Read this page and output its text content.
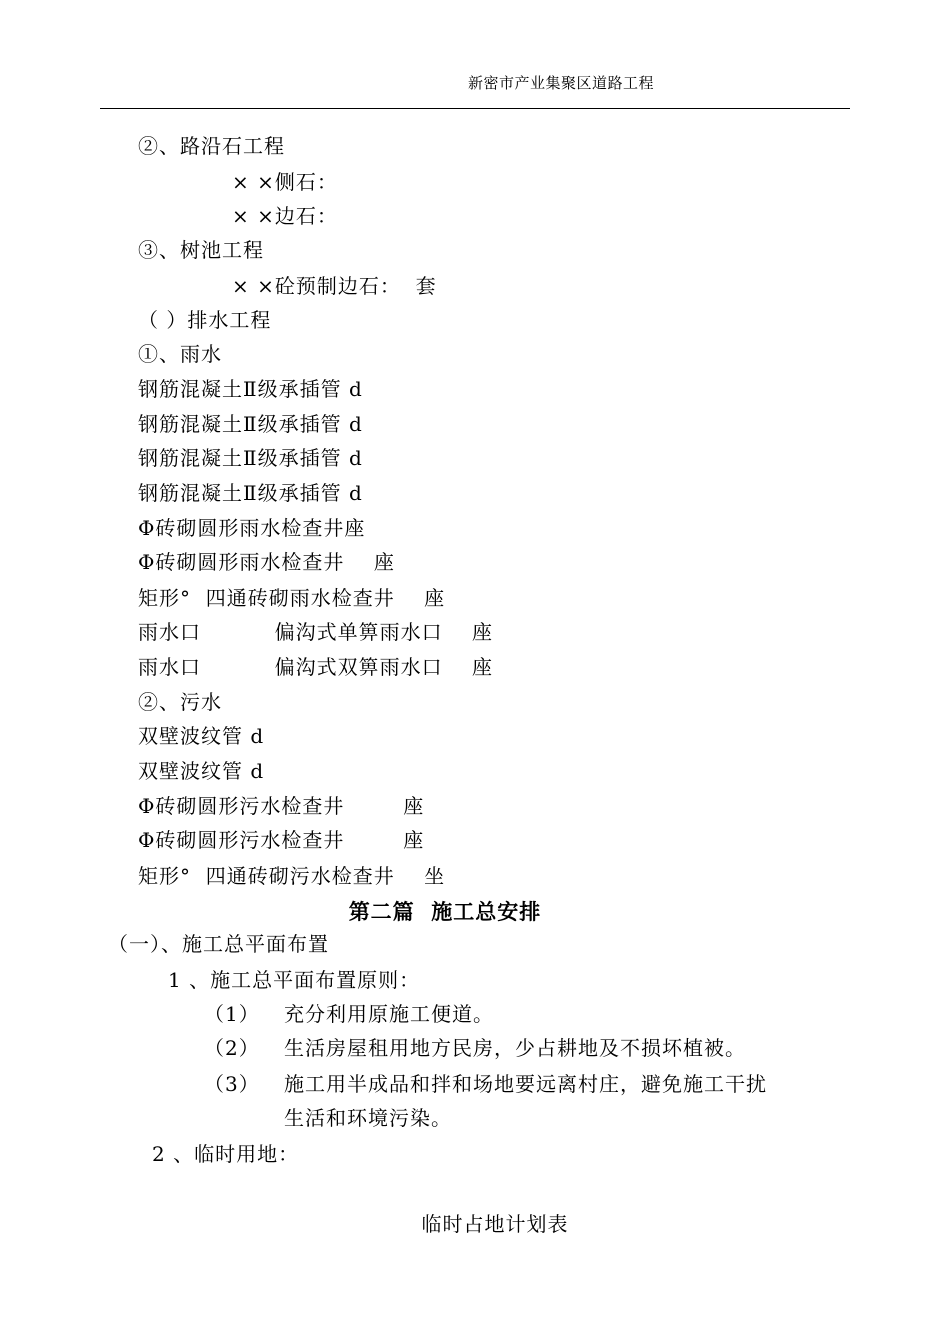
新密市产业集聚区道路工程
②、路沿石工程
× ×侧石：
× ×边石：
③、树池工程
× ×砼预制边石：  套
（ ）排水工程
①、雨水
钢筋混凝土Ⅱ级承插管 d
钢筋混凝土Ⅱ级承插管 d
钢筋混凝土Ⅱ级承插管 d
钢筋混凝土Ⅱ级承插管 d
Φ砖砌圆形雨水检查井座
Φ砖砌圆形雨水检查井    座
矩形°  四通砖砌雨水检查井    座
雨水口          偏沟式单箅雨水口    座
雨水口          偏沟式双箅雨水口    座
②、污水
双壁波纹管 d
双壁波纹管 d
Φ砖砌圆形污水检查井        座
Φ砖砌圆形污水检查井        座
矩形°  四通砖砌污水检查井    坐
第二篇  施工总安排
（一）、施工总平面布置
1 、施工总平面布置原则：
（1） 充分利用原施工便道。
（2） 生活房屋租用地方民房，少占耕地及不损坏植被。
（3） 施工用半成品和拌和场地要远离村庄，避免施工干扰
生活和环境污染。
2 、临时用地：
临时占地计划表
